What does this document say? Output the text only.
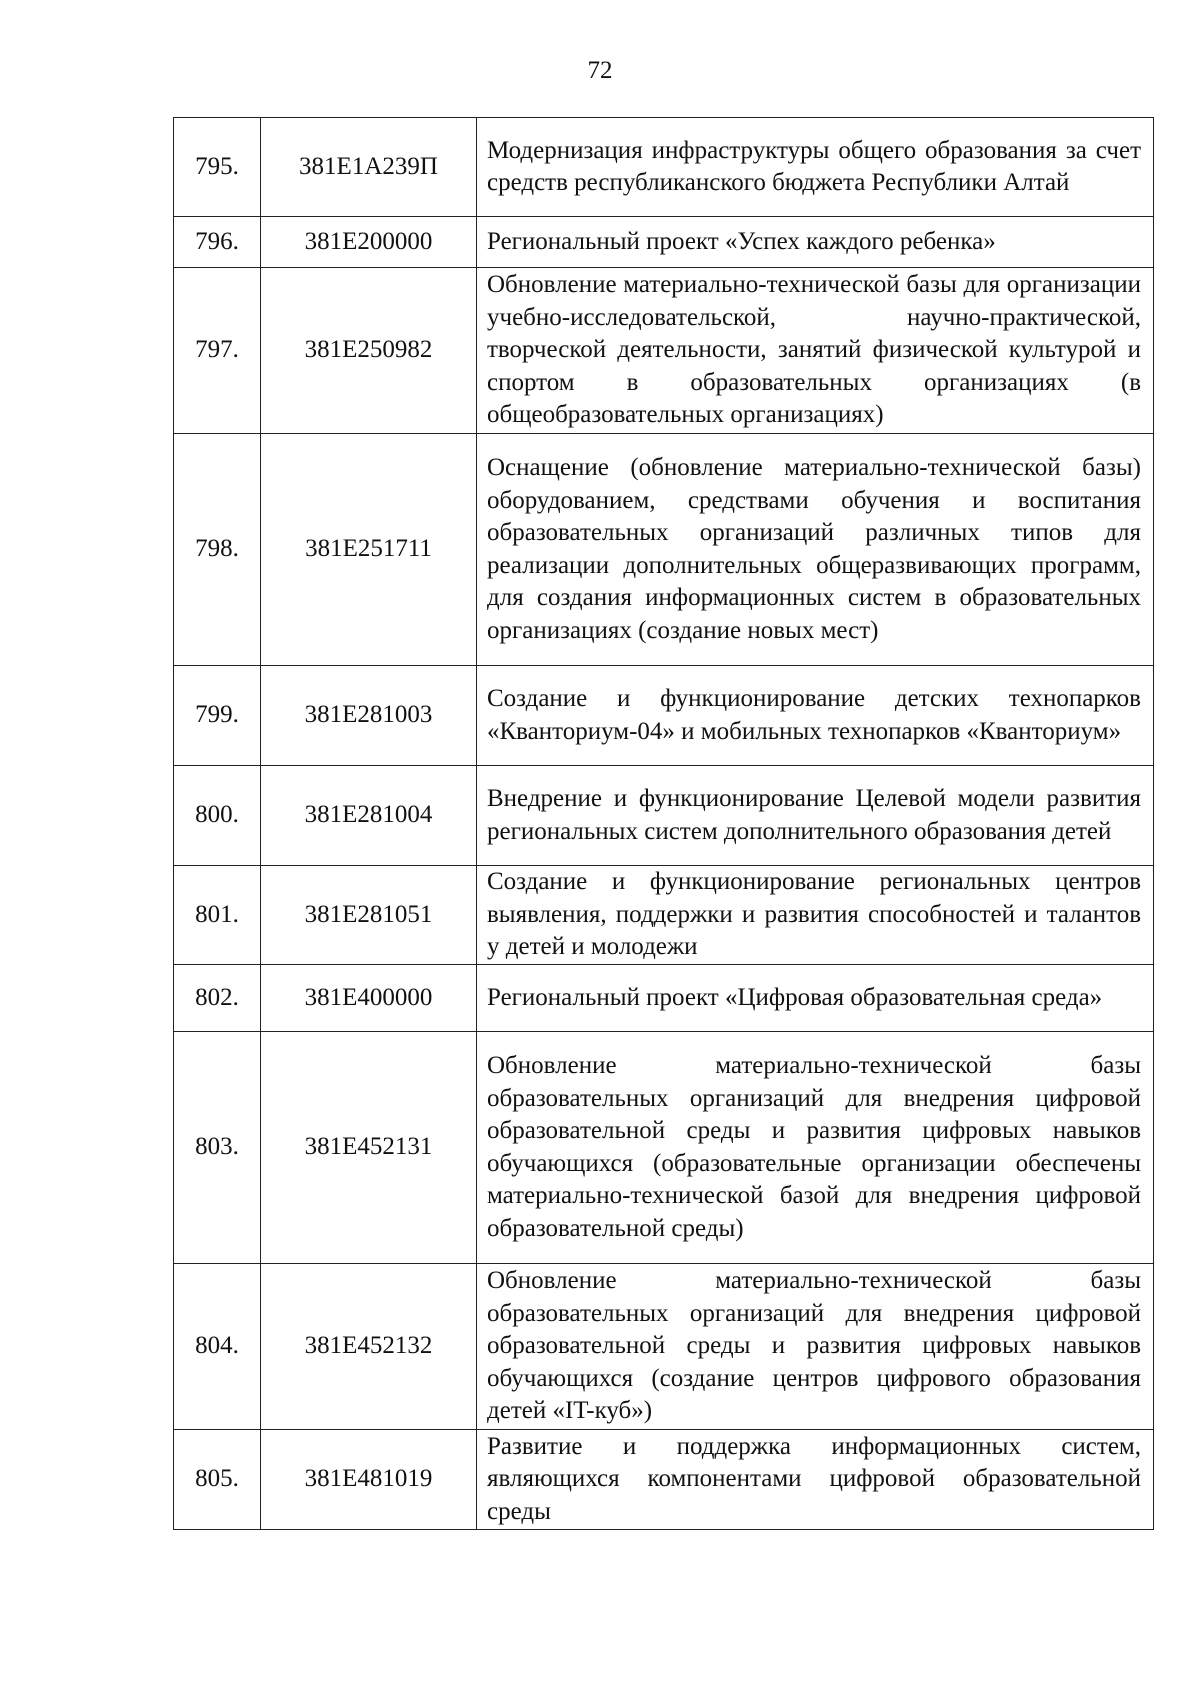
72
795.	381E1A239П	Модернизация инфраструктуры общего образования за счет средств республиканского бюджета Республики Алтай
796.	381E200000	Региональный проект «Успех каждого ребенка»
797.	381E250982	Обновление материально-технической базы для организации учебно-исследовательской, научно-практической, творческой деятельности, занятий физической культурой и спортом в образовательных организациях (в общеобразовательных организациях)
798.	381E251711	Оснащение (обновление материально-технической базы) оборудованием, средствами обучения и воспитания образовательных организаций различных типов для реализации дополнительных общеразвивающих программ, для создания информационных систем в образовательных организациях (создание новых мест)
799.	381E281003	Создание и функционирование детских технопарков «Кванториум-04» и мобильных технопарков «Кванториум»
800.	381E281004	Внедрение и функционирование Целевой модели развития региональных систем дополнительного образования детей
801.	381E281051	Создание и функционирование региональных центров выявления, поддержки и развития способностей и талантов у детей и молодежи
802.	381E400000	Региональный проект «Цифровая образовательная среда»
803.	381E452131	Обновление материально-технической базы образовательных организаций для внедрения цифровой образовательной среды и развития цифровых навыков обучающихся (образовательные организации обеспечены материально-технической базой для внедрения цифровой образовательной среды)
804.	381E452132	Обновление материально-технической базы образовательных организаций для внедрения цифровой образовательной среды и развития цифровых навыков обучающихся (создание центров цифрового образования детей «IT-куб»)
805.	381E481019	Развитие и поддержка информационных систем, являющихся компонентами цифровой образовательной среды
